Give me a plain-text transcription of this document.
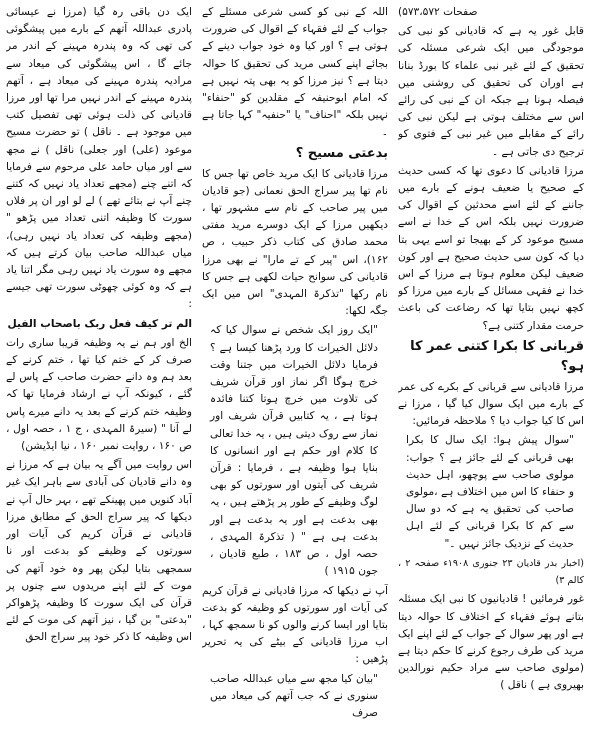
صفحات ۵۷۳،۵۷۲)

قابل غور یہ ہے کہ قادیانی کو نبی کی موجودگی میں ایک شرعی مسئلہ کی تحقیق کے لئے غیر نبی علماء کا بورڈ بنانا ہے اوران کی تحقیق کی روشنی میں فیصلہ ہونا ہے جبکہ ان کے نبی کی رائے اس سے مختلف ہوتی ہے لیکن نبی کی رائے کے مقابلے میں غیر نبی کے فتوی کو ترجیح دی جاتی ہے ۔

مرزا قادیانی کا دعوی تھا کہ کسی حدیث کے صحیح یا ضعیف ہونے کے بارے میں جاننے کے لئے اسے محدثین کے اقوال کی ضرورت نہیں بلکہ اس کے خدا نے اسے مسیح موعود کر کے بھیجا تو اسے یہی بتا دیا کہ کون سی حدیث صحیح ہے اور کون ضعیف لیکن معلوم ہوتا ہے مرزا کے اس خدا نے فقہی مسائل کے بارے میں مرزا کو کچھ نہیں بتایا تھا کہ رضاعت کی باعث حرمت مقدار کتنی ہے؟

قربانی کا بکرا کتنی عمر کا ہو؟

مرزا قادیانی سے قربانی کے بکرے کی عمر کے بارے میں ایک سوال کیا گیا ، مرزا نے اس کا کیا جواب دیا ؟ ملاحظہ فرمائیں:

"سوال پیش ہوا: ایک سال کا بکرا بھی قربانی کے لئے جائز ہے ؟ جواب: مولوی صاحب سے پوچھو، اہل حدیث و حنفاء کا اس میں اختلاف ہے ،مولوی صاحب کی تحقیق یہ ہے کہ دو سال سے کم کا بکرا قربانی کے لئے اہل حدیث کے نزدیک جائز نہیں ۔"

(اخبار بدر قادیان ۲۳ جنوری ۱۹۰۸ء صفحہ ۲ ، کالم ۳)

غور فرمائیں ! قادیانیوں کا نبی ایک مسئلہ بتانے ہوئے فقہاء کے اختلاف کا حوالہ دیتا ہے اور پھر سوال کے جواب کے لئے اپنے ایک مرید کی طرف رجوع کرنے کا حکم دیتا ہے (مولوی صاحب سے مراد حکیم نورالدین بھیروی ہے ) ناقل )

اللہ کے نبی کو کسی شرعی مسئلے کے جواب کے لئے فقہاء کے اقوال کی ضرورت ہوتی ہے ؟ اور کیا وہ خود جواب دینے کے بجائے اپنے کسی مرید کی تحقیق کا حوالہ دیتا ہے ؟ نیز مرزا کو یہ بھی پتہ نہیں ہے کہ امام ابوحنیفہ کے مقلدین کو "حنفاء" نہیں بلکہ "احناف" یا "حنفیہ" کہا جاتا ہے ۔

بدعتی مسیح ؟

مرزا قادیانی کا ایک مرید خاص تھا جس کا نام تھا پیر سراج الحق نعمانی (جو قادیان میں پیر صاحب کے نام سے مشہور تھا ، دیکھیں مرزا کے ایک دوسرے مرید مفتی محمد صادق کی کتاب ذکر حبیب ، ص ۱۶۲)، اس "پیر کے تے مارا" نے بھی مرزا قادیانی کی سوانح حیات لکھی ہے جس کا نام رکھا "تذکرۃ المہدی" اس میں ایک جگہ لکھا:

"ایک روز ایک شخص نے سوال کیا کہ دلائل الخیرات کا ورد پڑھنا کیسا ہے ؟ فرمایا دلائل الخیرات میں جتنا وقت خرچ ہوگا اگر نماز اور قرآن شریف کی تلاوت میں خرچ ہوتا کتنا فائدہ ہوتا ہے ، یہ کتابیں قرآن شریف اور نماز سے روک دیتی ہیں ، یہ خدا تعالی کا کلام اور حکم ہے اور انسانوں کا بنایا ہوا وظیفہ ہے ، فرمایا : قرآن شریف کی آیتوں اور سورتوں کو بھی لوگ وظیفے کے طور پر پڑھتے ہیں ، یہ بھی بدعت ہے اور یہ بدعت ہے اور بدعت ہی ہے " ( تذکرۃ المہدی ، حصہ اول ، ص ۱۸۳ ، طبع قادیان ، جون ۱۹۱۵ )

آپ نے دیکھا کہ مرزا قادیانی نے قرآن کریم کی آیات اور سورتوں کو وظیفہ کو بدعت بتایا اور ایسا کرنے والوں کو نا سمجھ کہا ، اب مرزا قادیانی کے بیٹے کی یہ تحریر پڑھیں :

"بیان کیا مجھ سے میاں عبداللہ صاحب سنوری نے کہ جب آتھم کی میعاد میں صرف

ایک دن باقی رہ گیا (مرزا نے عیسائی پادری عبداللہ آتھم کے بارے میں پیشگوئی کی تھی کہ وہ پندرہ مہینے کے اندر مر جائے گا ، اس پیشگوئی کی میعاد سے مرادیہ پندرہ مہینے کی میعاد ہے ، آتھم پندرہ مہینے کے اندر نہیں مرا تھا اور مرزا قادیانی کی ذلت ہوئی تھی تفصیل کتب میں موجود ہے ۔ ناقل ) تو حضرت مسیح موعود (علی) اور جعلی) ناقل ) نے مجھ سے اور میاں حامد علی مرحوم سے فرمایا کہ اتنے چنے (مجھے تعداد یاد نہیں کہ کتنے چنے آپ نے بتائے تھے ) لے لو اور ان پر فلاں سورت کا وظیفہ اتنی تعداد میں پڑھو " (مجھے وظیفہ کی تعداد یاد نہیں رہی)، میاں عبداللہ صاحب بیان کرتے ہیں کہ مجھے وہ سورت یاد نہیں رہی مگر اتنا یاد ہے کہ وہ کوئی چھوٹی سورت تھی جیسے :

الم تر کیف فعل ربک باصحاب الفیل

الخ اور ہم نے یہ وظیفہ قریبا ساری رات صرف کر کے ختم کیا تھا ، ختم کرنے کے بعد ہم وہ دانے حضرت صاحب کے پاس لے گئے ، کیونکہ آپ نے ارشاد فرمایا تھا کہ وظیفہ ختم کرنے کے بعد یہ دانے میرے پاس لے آنا " (سیرۃ المہدی ، ج ۱ ، حصہ اول ، ص ۱۶۰ ، روایت نمبر ۱۶۰ ، نیا ایڈیشن)

اس روایت میں آگے یہ بیان ہے کہ مرزا نے وہ دانے قادیان کی آبادی سے باہر ایک غیر آباد کنویں میں پھینکے تھے ، بہر حال آپ نے دیکھا کہ پیر سراج الحق کے مطابق مرزا قادیانی نے قرآن کریم کی آیات اور سورتوں کے وظیفے کو بدعت اور نا سمجھی بتایا لیکن پھر وہ خود آتھم کی موت کے لئے اپنے مریدوں سے چنوں پر قرآن کی ایک سورت کا وظیفہ پڑھواکر "بدعتی" بن گیا ، نیز آتھم کی موت کے لئے اس وظیفہ کا ذکر خود پیر سراج الحق
